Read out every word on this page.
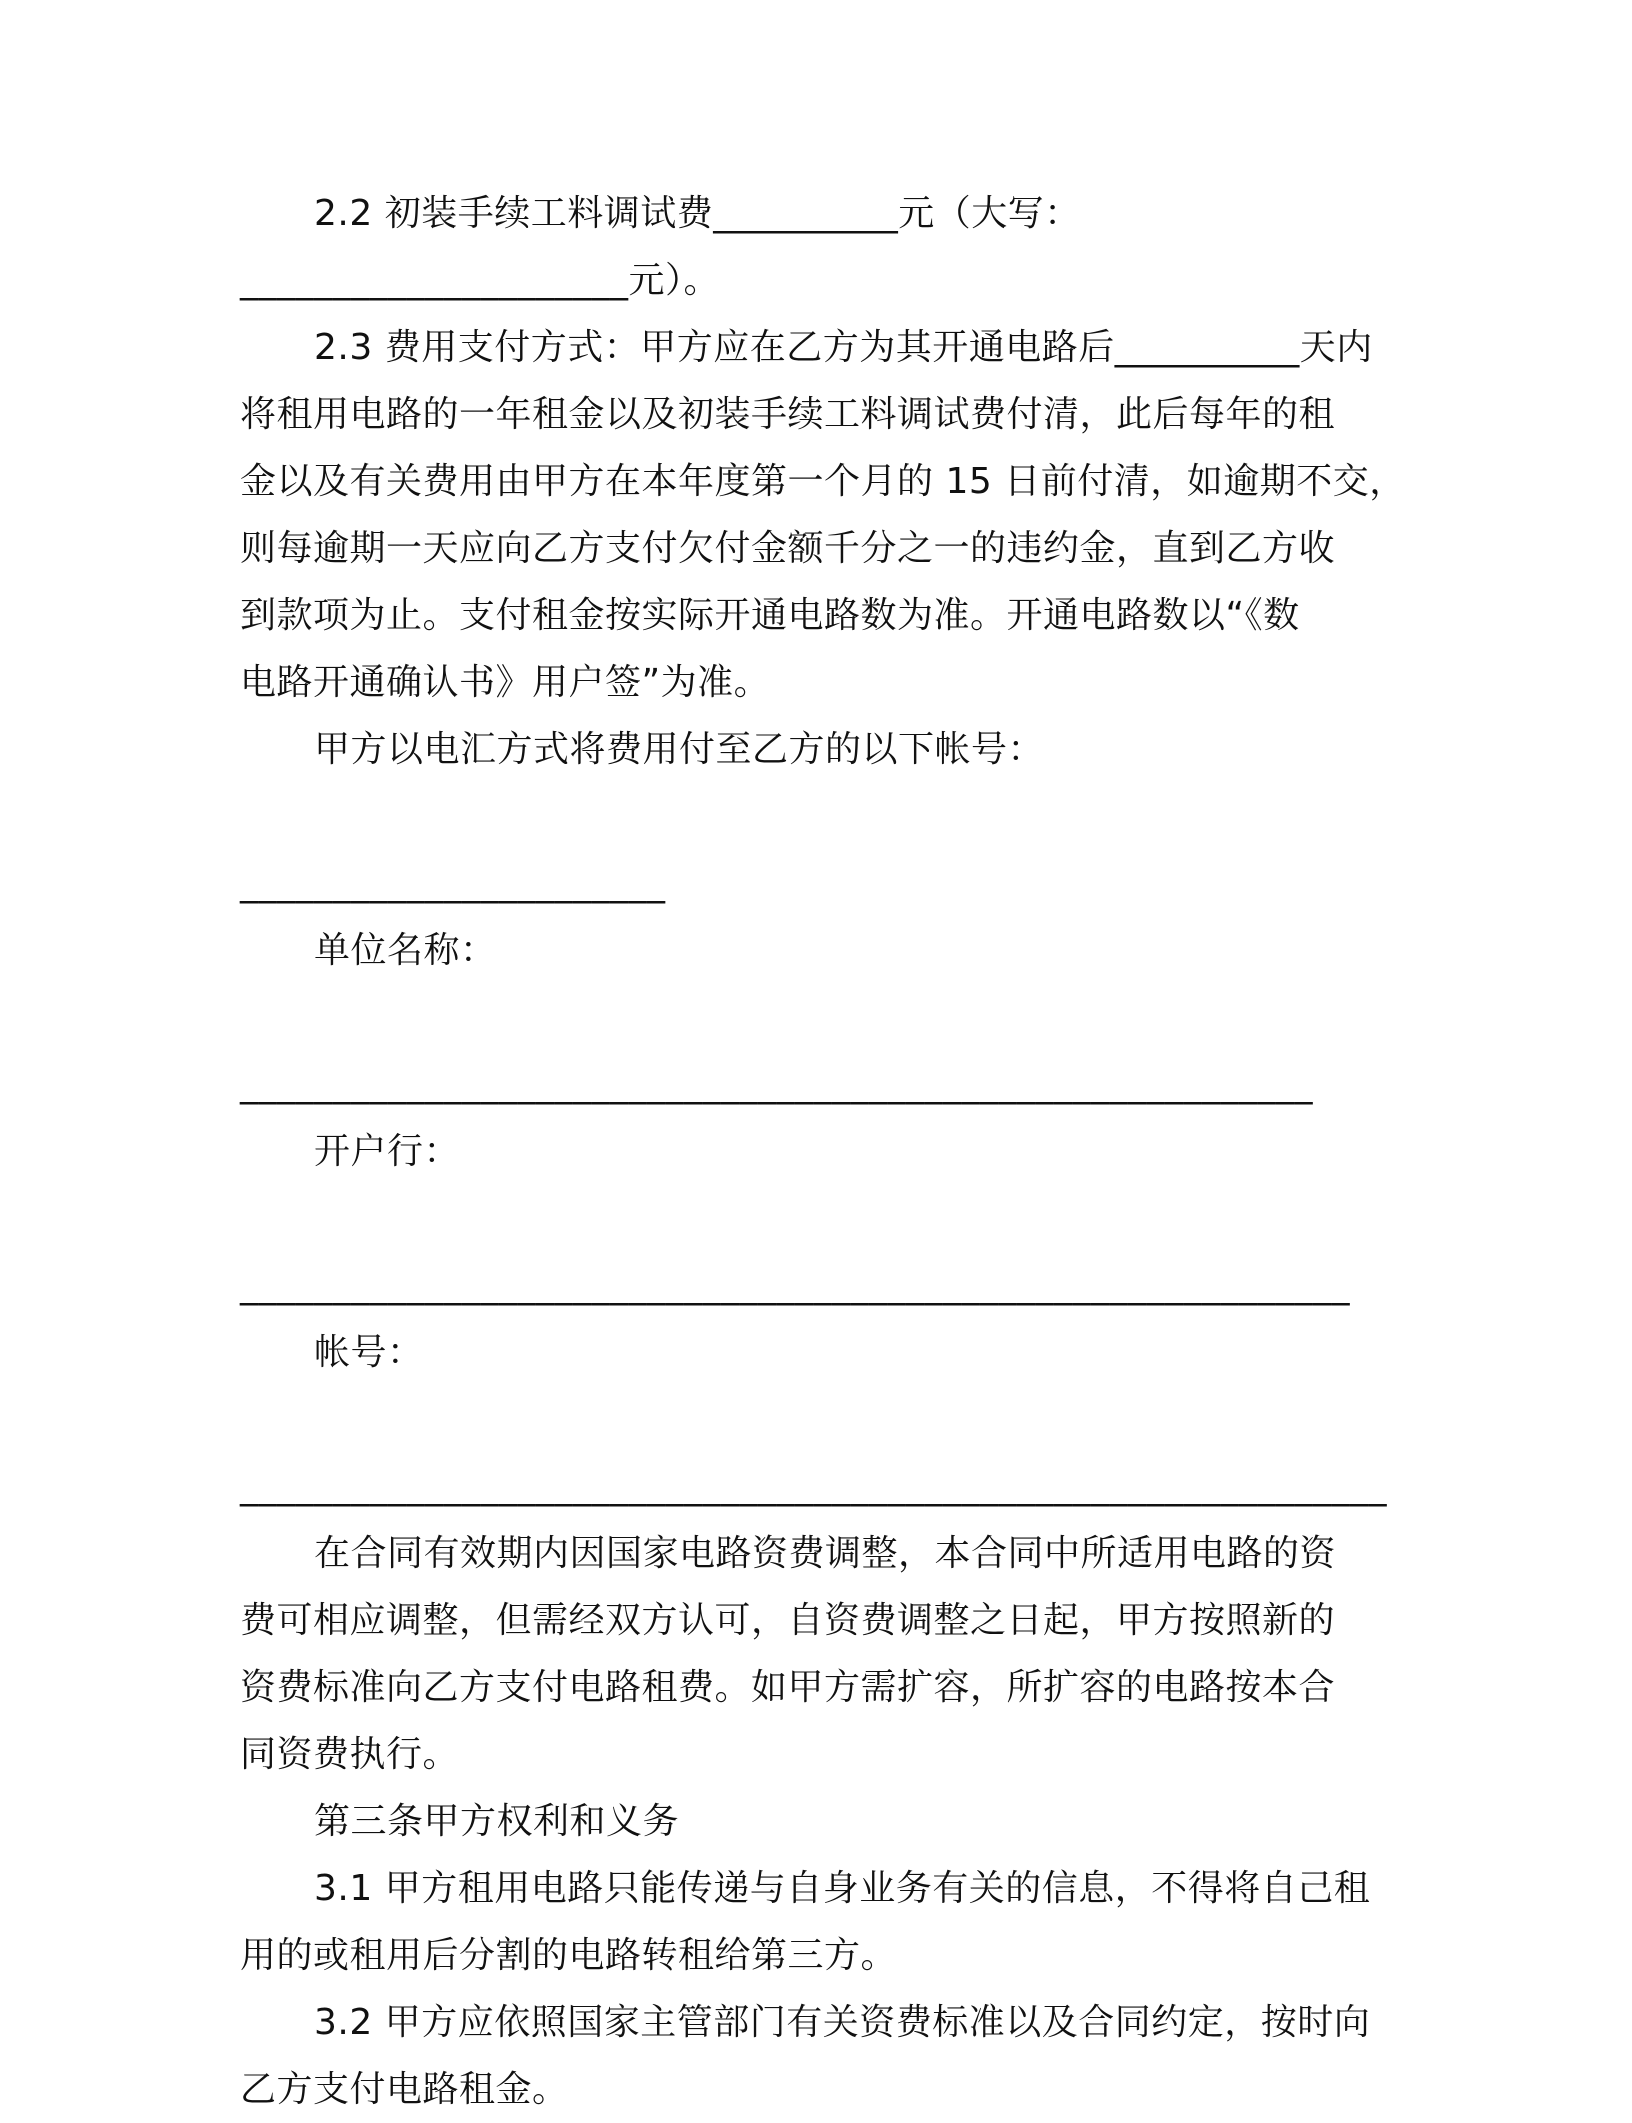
2.2 初装手续工料调试费__________元（大写：
_____________________元）。
2.3 费用支付方式：甲方应在乙方为其开通电路后__________天内
将租用电路的一年租金以及初装手续工料调试费付清，此后每年的租
金以及有关费用由甲方在本年度第一个月的 15 日前付清，如逾期不交，
则每逾期一天应向乙方支付欠付金额千分之一的违约金，直到乙方收
到款项为止。支付租金按实际开通电路数为准。开通电路数以“《数
电路开通确认书》用户签”为准。
甲方以电汇方式将费用付至乙方的以下帐号：
_______________________
单位名称：
__________________________________________________________
开户行：
____________________________________________________________
帐号：
______________________________________________________________
在合同有效期内因国家电路资费调整，本合同中所适用电路的资
费可相应调整，但需经双方认可，自资费调整之日起，甲方按照新的
资费标准向乙方支付电路租费。如甲方需扩容，所扩容的电路按本合
同资费执行。
第三条甲方权利和义务
3.1 甲方租用电路只能传递与自身业务有关的信息，不得将自己租
用的或租用后分割的电路转租给第三方。
3.2 甲方应依照国家主管部门有关资费标准以及合同约定，按时向
乙方支付电路租金。
